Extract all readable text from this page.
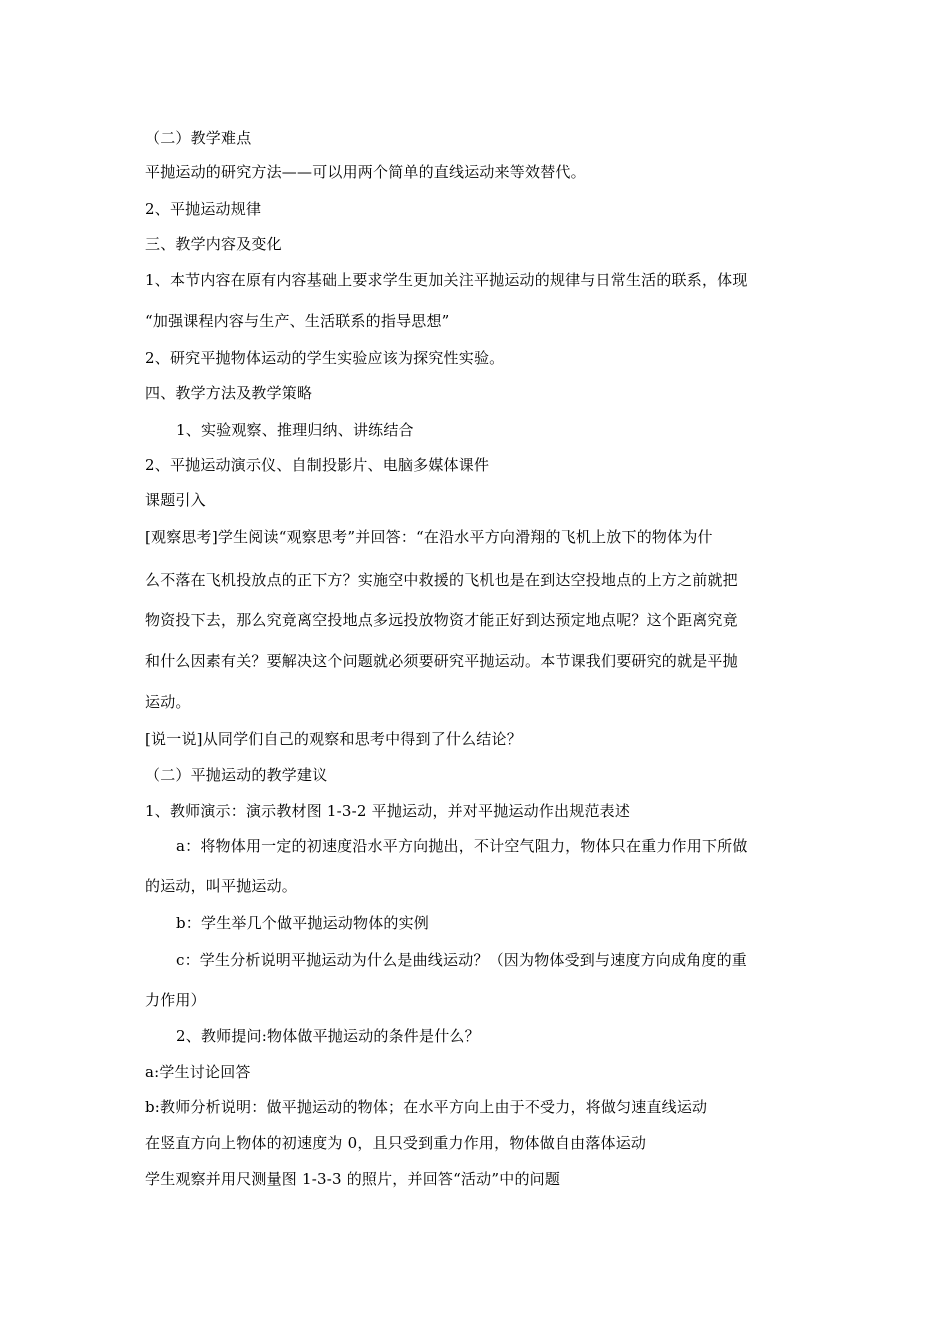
（二）教学难点
平抛运动的研究方法——可以用两个简单的直线运动来等效替代。
2、平抛运动规律
三、教学内容及变化
1、本节内容在原有内容基础上要求学生更加关注平抛运动的规律与日常生活的联系，体现
“加强课程内容与生产、生活联系的指导思想”
2、研究平抛物体运动的学生实验应该为探究性实验。
四、教学方法及教学策略
1、实验观察、推理归纳、讲练结合
2、平抛运动演示仪、自制投影片、电脑多媒体课件
课题引入
[观察思考]学生阅读“观察思考”并回答：“在沿水平方向滑翔的飞机上放下的物体为什
么不落在飞机投放点的正下方？实施空中救援的飞机也是在到达空投地点的上方之前就把
物资投下去，那么究竟离空投地点多远投放物资才能正好到达预定地点呢？这个距离究竟
和什么因素有关？要解决这个问题就必须要研究平抛运动。本节课我们要研究的就是平抛
运动。
[说一说]从同学们自己的观察和思考中得到了什么结论？
（二）平抛运动的教学建议
1、教师演示：演示教材图 1-3-2 平抛运动，并对平抛运动作出规范表述
a：将物体用一定的初速度沿水平方向抛出，不计空气阻力，物体只在重力作用下所做
的运动，叫平抛运动。
b：学生举几个做平抛运动物体的实例
c：学生分析说明平抛运动为什么是曲线运动？（因为物体受到与速度方向成角度的重
力作用）
2、教师提问:物体做平抛运动的条件是什么？
a:学生讨论回答
b:教师分析说明：做平抛运动的物体；在水平方向上由于不受力，将做匀速直线运动
在竖直方向上物体的初速度为 0，且只受到重力作用，物体做自由落体运动
学生观察并用尺测量图 1-3-3 的照片，并回答“活动”中的问题
